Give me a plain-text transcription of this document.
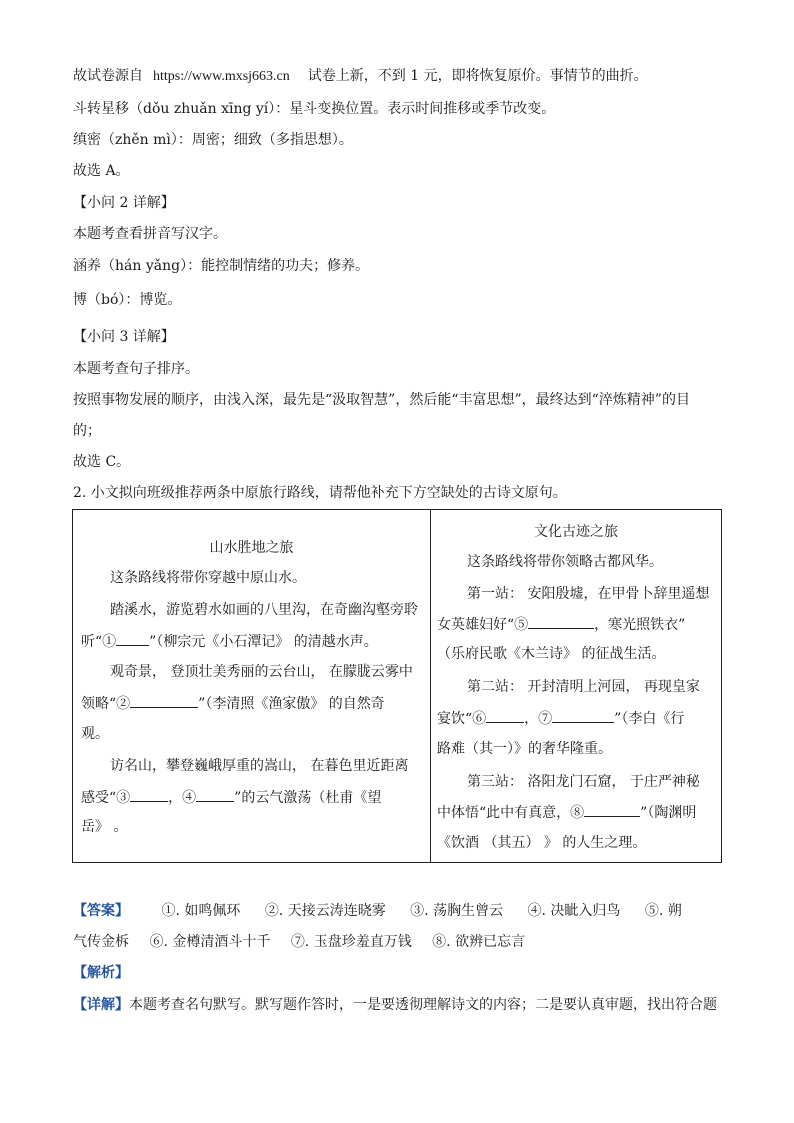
故试卷源自 https://www.mxsj663.cn 试卷上新，不到 1 元，即将恢复原价。事情节的曲折。
斗转星移（dǒu zhuǎn xīng yí）：星斗变换位置。表示时间推移或季节改变。
缜密（zhěn mì）：周密；细致（多指思想）。
故选 A。
【小问 2 详解】
本题考查看拼音写汉字。
涵养（hán yǎng）：能控制情绪的功夫；修养。
博（bó）：博览。
【小问 3 详解】
本题考查句子排序。
按照事物发展的顺序，由浅入深，最先是“汲取智慧”，然后能“丰富思想”，最终达到“淬炼精神”的目
的；
故选 C。
2. 小文拟向班级推荐两条中原旅行路线，请帮他补充下方空缺处的古诗文原句。
山水胜地之旅
这条路线将带你穿越中原山水。
踏溪水，游览碧水如画的八里沟，在奇幽沟壑旁聆
听“① ”（柳宗元《小石潭记》 的清越水声。
观奇景， 登顶壮美秀丽的云台山， 在朦胧云雾中
领略“②	”（李清照《渔家傲》 的自然奇
观。
访名山，攀登巍峨厚重的嵩山， 在暮色里近距离
感受“③	，④	”的云气激荡（杜甫《望
岳》 。

文化古迹之旅
这条路线将带你领略古都风华。
第一站： 安阳殷墟，在甲骨卜辞里遥想
女英雄妇好“⑤	，寒光照铁衣”
（乐府民歌《木兰诗》 的征战生活。
第二站： 开封清明上河园， 再现皇家
宴饮“⑥	，⑦	”（李白《行
路难（其一）》的奢华隆重。
第三站： 洛阳龙门石窟， 于庄严神秘
中体悟“此中有真意，⑧	”（陶渊明
《饮酒 （其五） 》 的人生之理。
【答案】 ①. 如鸣佩环 ②. 天接云涛连晓雾 ③. 荡胸生曾云 ④. 决眦入归鸟 ⑤. 朔
气传金柝 ⑥. 金樽清酒斗十千 ⑦. 玉盘珍羞直万钱 ⑧. 欲辨已忘言
【解析】
【详解】本题考查名句默写。默写题作答时，一是要透彻理解诗文的内容；二是要认真审题，找出符合题
